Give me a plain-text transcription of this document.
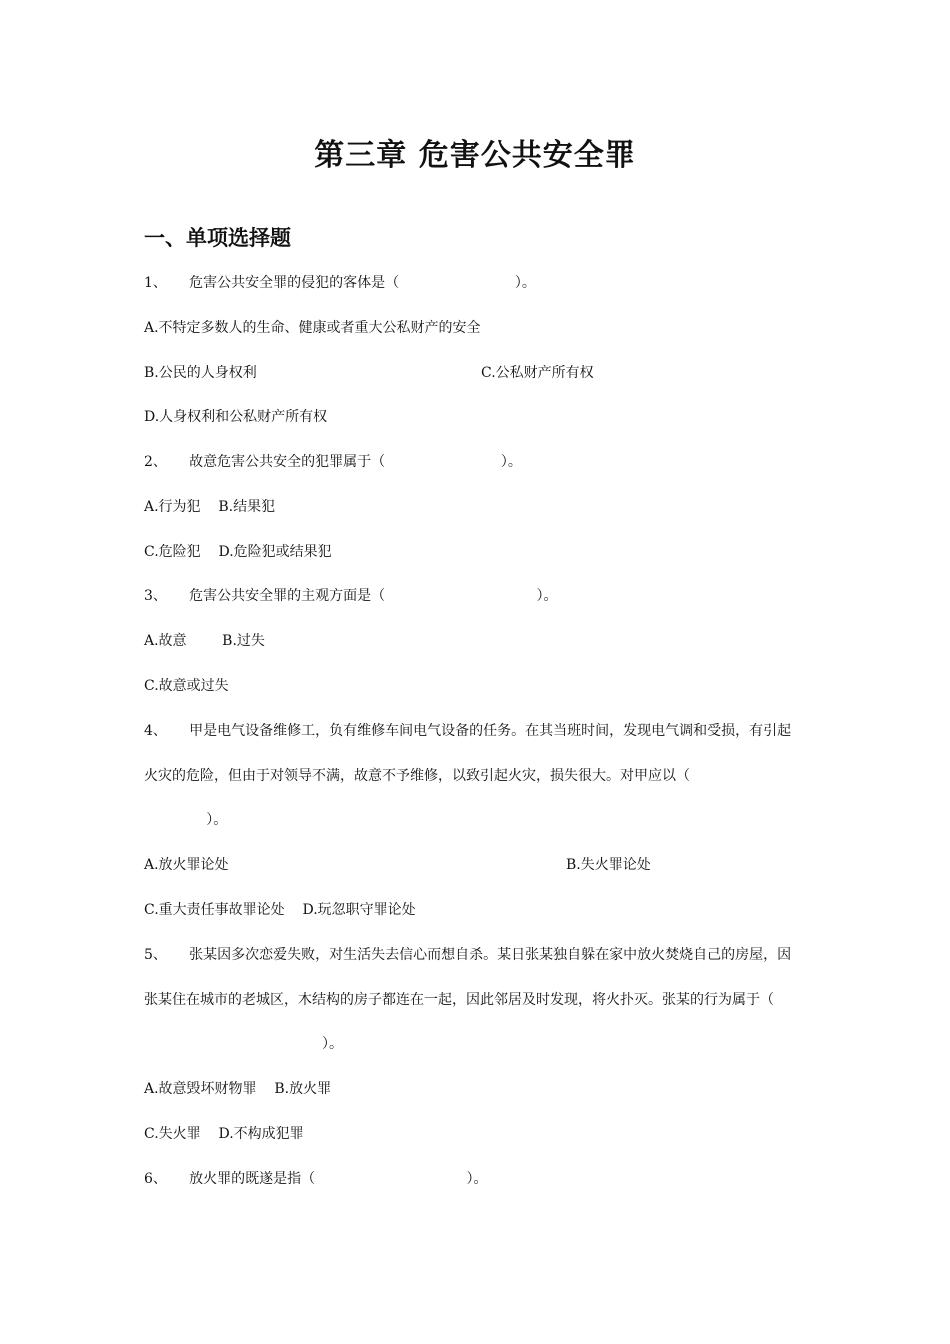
第三章 危害公共安全罪
一、单项选择题
1、     危害公共安全罪的侵犯的客体是（                          ）。
A.不特定多数人的生命、健康或者重大公私财产的安全
B.公民的人身权利	C.公私财产所有权
D.人身权利和公私财产所有权
2、     故意危害公共安全的犯罪属于（                          ）。
A.行为犯    B.结果犯
C.危险犯    D.危险犯或结果犯
3、     危害公共安全罪的主观方面是（                                  ）。
A.故意        B.过失
C.故意或过失
4、     甲是电气设备维修工，负有维修车间电气设备的任务。在其当班时间，发现电气调和受损，有引起
火灾的危险，但由于对领导不满，故意不予维修，以致引起火灾，损失很大。对甲应以（
）。
A.放火罪论处	B.失火罪论处
C.重大责任事故罪论处    D.玩忽职守罪论处
5、     张某因多次恋爱失败，对生活失去信心而想自杀。某日张某独自躲在家中放火焚烧自己的房屋，因
张某住在城市的老城区，木结构的房子都连在一起，因此邻居及时发现，将火扑灭。张某的行为属于（
）。
A.故意毁坏财物罪    B.放火罪
C.失火罪    D.不构成犯罪
6、     放火罪的既遂是指（                                  ）。
